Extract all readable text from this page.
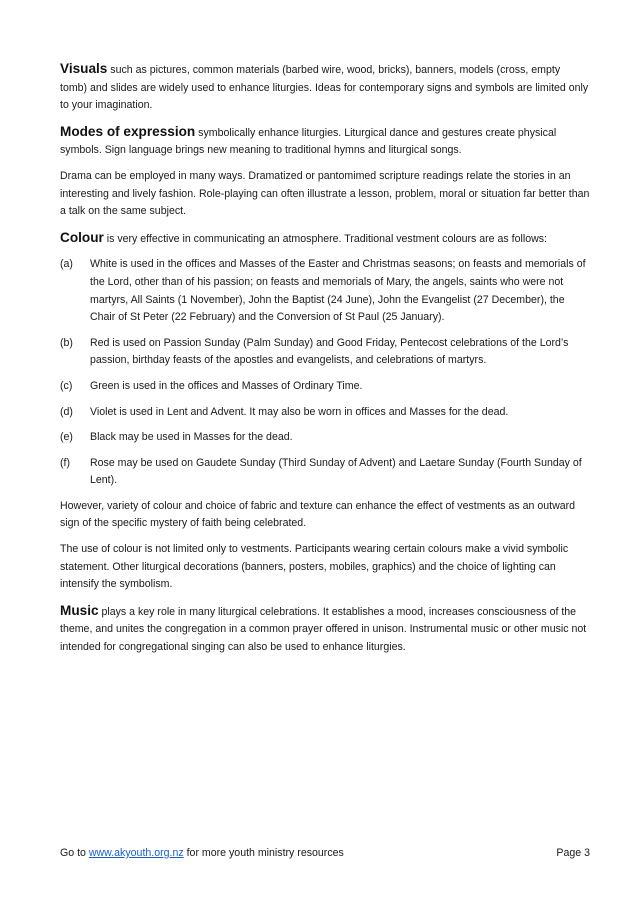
Visuals such as pictures, common materials (barbed wire, wood, bricks), banners, models (cross, empty tomb) and slides are widely used to enhance liturgies. Ideas for contemporary signs and symbols are limited only to your imagination.

Modes of expression symbolically enhance liturgies. Liturgical dance and gestures create physical symbols. Sign language brings new meaning to traditional hymns and liturgical songs.

Drama can be employed in many ways. Dramatized or pantomimed scripture readings relate the stories in an interesting and lively fashion. Role-playing can often illustrate a lesson, problem, moral or situation far better than a talk on the same subject.

Colour is very effective in communicating an atmosphere. Traditional vestment colours are as follows:

(a) White is used in the offices and Masses of the Easter and Christmas seasons; on feasts and memorials of the Lord, other than of his passion; on feasts and memorials of Mary, the angels, saints who were not martyrs, All Saints (1 November), John the Baptist (24 June), John the Evangelist (27 December), the Chair of St Peter (22 February) and the Conversion of St Paul (25 January).
(b) Red is used on Passion Sunday (Palm Sunday) and Good Friday, Pentecost celebrations of the Lord’s passion, birthday feasts of the apostles and evangelists, and celebrations of martyrs.
(c) Green is used in the offices and Masses of Ordinary Time.
(d) Violet is used in Lent and Advent. It may also be worn in offices and Masses for the dead.
(e) Black may be used in Masses for the dead.
(f) Rose may be used on Gaudete Sunday (Third Sunday of Advent) and Laetare Sunday (Fourth Sunday of Lent).

However, variety of colour and choice of fabric and texture can enhance the effect of vestments as an outward sign of the specific mystery of faith being celebrated.

The use of colour is not limited only to vestments. Participants wearing certain colours make a vivid symbolic statement. Other liturgical decorations (banners, posters, mobiles, graphics) and the choice of lighting can intensify the symbolism.

Music plays a key role in many liturgical celebrations. It establishes a mood, increases consciousness of the theme, and unites the congregation in a common prayer offered in unison. Instrumental music or other music not intended for congregational singing can also be used to enhance liturgies.

Go to www.akyouth.org.nz for more youth ministry resources	Page 3
